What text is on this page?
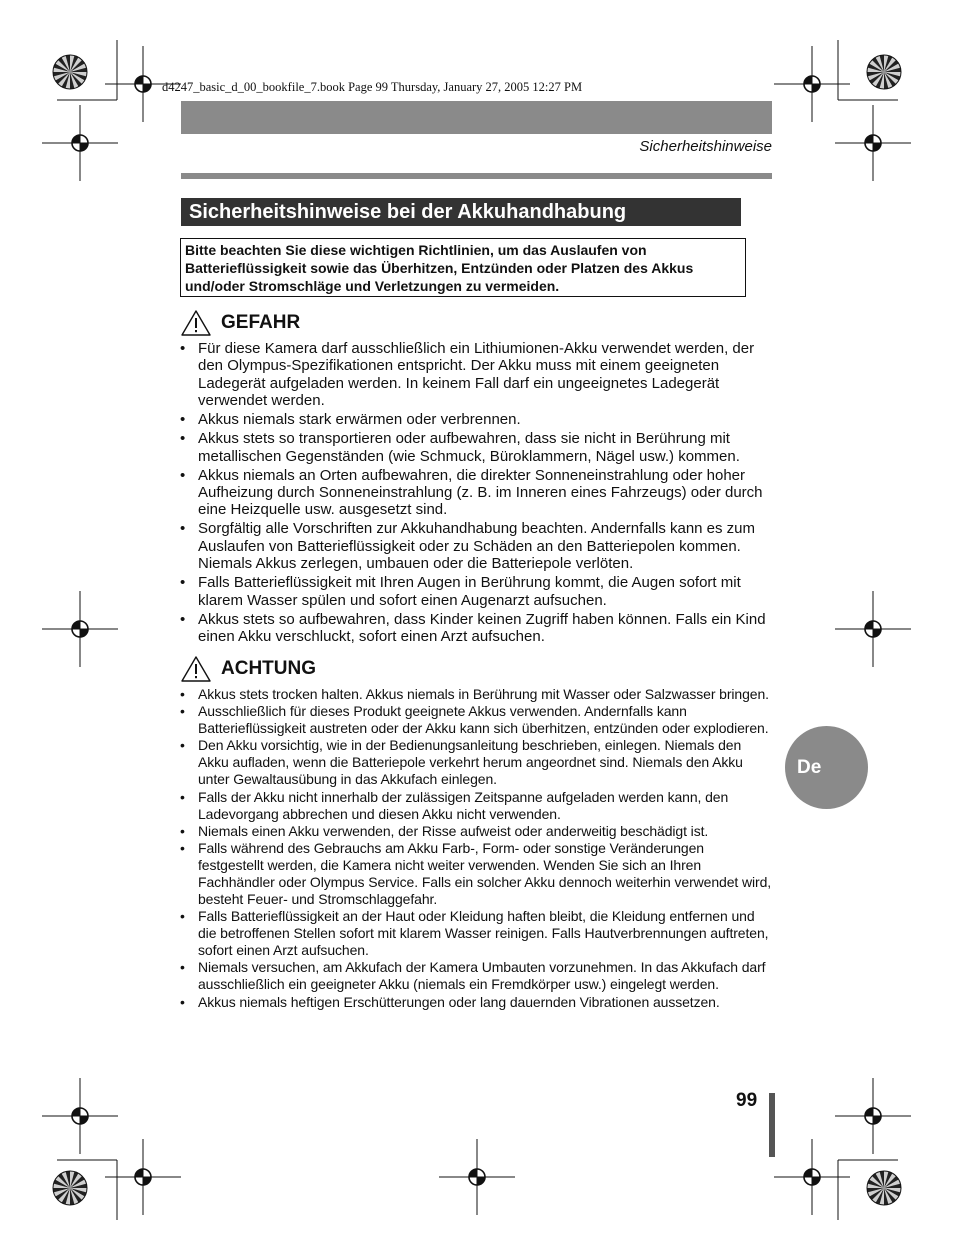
d4247_basic_d_00_bookfile_7.book Page 99 Thursday, January 27, 2005 12:27 PM
Sicherheitshinweise
Sicherheitshinweise bei der Akkuhandhabung
Bitte beachten Sie diese wichtigen Richtlinien, um das Auslaufen von Batterieflüssigkeit sowie das Überhitzen, Entzünden oder Platzen des Akkus und/oder Stromschläge und Verletzungen zu vermeiden.
GEFAHR
• Für diese Kamera darf ausschließlich ein Lithiumionen-Akku verwendet werden, der den Olympus-Spezifikationen entspricht. Der Akku muss mit einem geeigneten Ladegerät aufgeladen werden. In keinem Fall darf ein ungeeignetes Ladegerät verwendet werden.
• Akkus niemals stark erwärmen oder verbrennen.
• Akkus stets so transportieren oder aufbewahren, dass sie nicht in Berührung mit metallischen Gegenständen (wie Schmuck, Büroklammern, Nägel usw.) kommen.
• Akkus niemals an Orten aufbewahren, die direkter Sonneneinstrahlung oder hoher Aufheizung durch Sonneneinstrahlung (z. B. im Inneren eines Fahrzeugs) oder durch eine Heizquelle usw. ausgesetzt sind.
• Sorgfältig alle Vorschriften zur Akkuhandhabung beachten. Andernfalls kann es zum Auslaufen von Batterieflüssigkeit oder zu Schäden an den Batteriepolen kommen. Niemals Akkus zerlegen, umbauen oder die Batteriepole verlöten.
• Falls Batterieflüssigkeit mit Ihren Augen in Berührung kommt, die Augen sofort mit klarem Wasser spülen und sofort einen Augenarzt aufsuchen.
• Akkus stets so aufbewahren, dass Kinder keinen Zugriff haben können. Falls ein Kind einen Akku verschluckt, sofort einen Arzt aufsuchen.
ACHTUNG
• Akkus stets trocken halten. Akkus niemals in Berührung mit Wasser oder Salzwasser bringen.
• Ausschließlich für dieses Produkt geeignete Akkus verwenden. Andernfalls kann Batterieflüssigkeit austreten oder der Akku kann sich überhitzen, entzünden oder explodieren.
• Den Akku vorsichtig, wie in der Bedienungsanleitung beschrieben, einlegen. Niemals den Akku aufladen, wenn die Batteriepole verkehrt herum angeordnet sind. Niemals den Akku unter Gewaltausübung in das Akkufach einlegen.
• Falls der Akku nicht innerhalb der zulässigen Zeitspanne aufgeladen werden kann, den Ladevorgang abbrechen und diesen Akku nicht verwenden.
• Niemals einen Akku verwenden, der Risse aufweist oder anderweitig beschädigt ist.
• Falls während des Gebrauchs am Akku Farb-, Form- oder sonstige Veränderungen festgestellt werden, die Kamera nicht weiter verwenden. Wenden Sie sich an Ihren Fachhändler oder Olympus Service. Falls ein solcher Akku dennoch weiterhin verwendet wird, besteht Feuer- und Stromschlaggefahr.
• Falls Batterieflüssigkeit an der Haut oder Kleidung haften bleibt, die Kleidung entfernen und die betroffenen Stellen sofort mit klarem Wasser reinigen. Falls Hautverbrennungen auftreten, sofort einen Arzt aufsuchen.
• Niemals versuchen, am Akkufach der Kamera Umbauten vorzunehmen. In das Akkufach darf ausschließlich ein geeigneter Akku (niemals ein Fremdkörper usw.) eingelegt werden.
• Akkus niemals heftigen Erschütterungen oder lang dauernden Vibrationen aussetzen.
De
99
